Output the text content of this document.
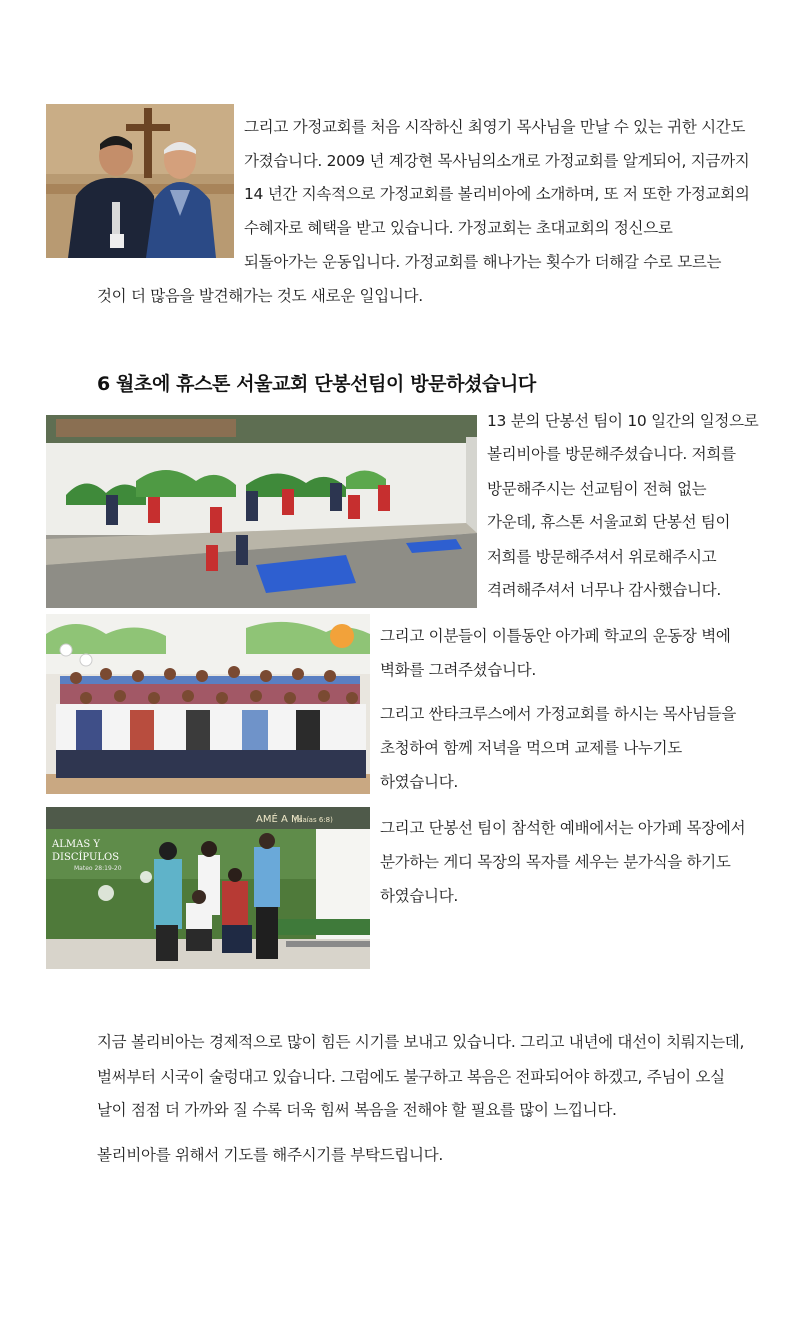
그리고 가정교회를 처음 시작하신 최영기 목사님을 만날 수 있는 귀한 시간도
가졌습니다. 2009 년 계강현 목사님의소개로 가정교회를 알게되어, 지금까지
14 년간 지속적으로 가정교회를 볼리비아에 소개하며, 또 저 또한 가정교회의
수혜자로 혜택을 받고 있습니다. 가정교회는 초대교회의 정신으로
되돌아가는 운동입니다. 가정교회를 해나가는 횟수가 더해갈 수로 모르는
것이 더 많음을 발견해가는 것도 새로운 일입니다.
6 월초에 휴스톤 서울교회 단봉선팀이 방문하셨습니다
13 분의 단봉선 팀이 10 일간의 일정으로
볼리비아를 방문해주셨습니다. 저희를
방문해주시는 선교팀이 전혀 없는
가운데, 휴스톤 서울교회 단봉선 팀이
저희를 방문해주셔서 위로해주시고
격려해주셔서 너무나 감사했습니다.
그리고 이분들이 이틀동안 아가페 학교의 운동장 벽에
벽화를 그려주셨습니다.
그리고 싼타크루스에서 가정교회를 하시는 목사님들을
초청하여 함께 저녁을 먹으며 교제를 나누기도
하였습니다.
AMÉ A MI
(Isaías 6:8)
ALMAS Y
DISCÍPULOS
Mateo 28:19-20
그리고 단봉선 팀이 참석한 예배에서는 아가페 목장에서
분가하는 게디 목장의 목자를 세우는 분가식을 하기도
하였습니다.
지금 볼리비아는 경제적으로 많이 힘든 시기를 보내고 있습니다. 그리고 내년에 대선이 치뤄지는데,
벌써부터 시국이 술렁대고 있습니다. 그럼에도 불구하고 복음은 전파되어야 하겠고, 주님이 오실
날이 점점 더 가까와 질 수록 더욱 힘써 복음을 전해야 할 필요를 많이 느낍니다.
볼리비아를 위해서 기도를 해주시기를 부탁드립니다.
